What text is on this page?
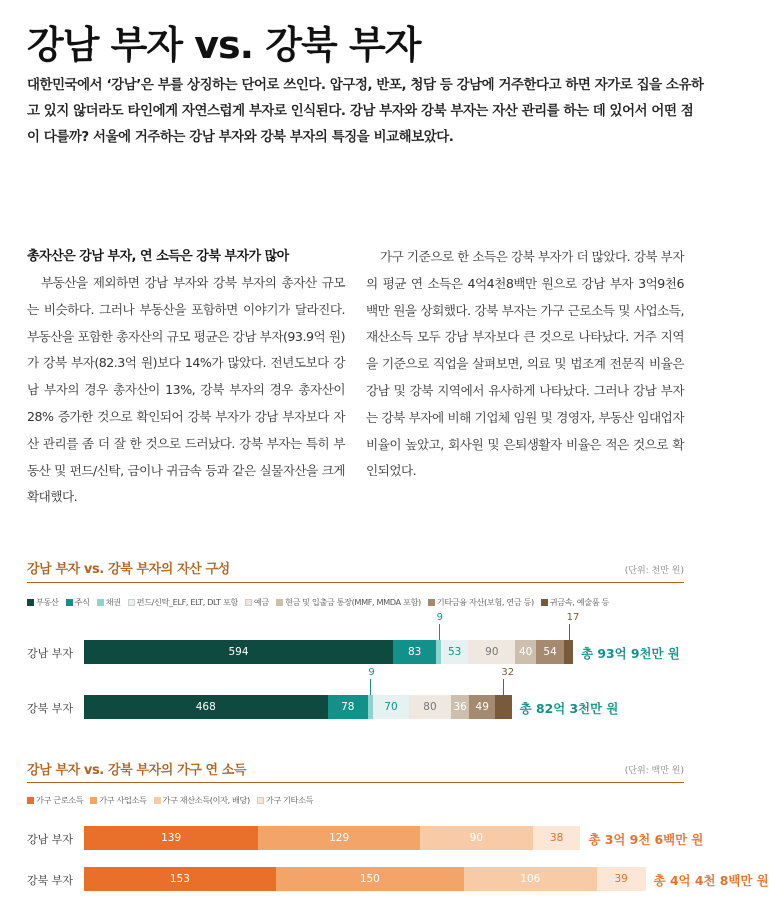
강남 부자 vs. 강북 부자
대한민국에서 ‘강남’은 부를 상징하는 단어로 쓰인다. 압구정, 반포, 청담 등 강남에 거주한다고 하면 자가로 집을 소유하고 있지 않더라도 타인에게 자연스럽게 부자로 인식된다. 강남 부자와 강북 부자는 자산 관리를 하는 데 있어서 어떤 점이 다를까? 서울에 거주하는 강남 부자와 강북 부자의 특징을 비교해보았다.
총자산은 강남 부자, 연 소득은 강북 부자가 많아

부동산을 제외하면 강남 부자와 강북 부자의 총자산 규모는 비슷하다. 그러나 부동산을 포함하면 이야기가 달라진다. 부동산을 포함한 총자산의 규모 평균은 강남 부자(93.9억 원)가 강북 부자(82.3억 원)보다 14%가 많았다. 전년도보다 강남 부자의 경우 총자산이 13%, 강북 부자의 경우 총자산이 28% 증가한 것으로 확인되어 강북 부자가 강남 부자보다 자산 관리를 좀 더 잘 한 것으로 드러났다. 강북 부자는 특히 부동산 및 펀드/신탁, 금이나 귀금속 등과 같은 실물자산을 크게 확대했다.

가구 기준으로 한 소득은 강북 부자가 더 많았다. 강북 부자의 평균 연 소득은 4억4천8백만 원으로 강남 부자 3억9천6백만 원을 상회했다. 강북 부자는 가구 근로소득 및 사업소득, 재산소득 모두 강남 부자보다 큰 것으로 나타났다. 거주 지역을 기준으로 직업을 살펴보면, 의료 및 법조계 전문직 비율은 강남 및 강북 지역에서 유사하게 나타났다. 그러나 강남 부자는 강북 부자에 비해 기업체 임원 및 경영자, 부동산 임대업자 비율이 높았고, 회사원 및 은퇴생활자 비율은 적은 것으로 확인되었다.

강남 부자 vs. 강북 부자의 자산 구성	(단위: 천만 원)
부동산 주식 채권 펀드/신탁_ELF, ELT, DLT 포함 예금 현금 및 입출금 통장(MMF, MMDA 포함) 기타금융 자산(보험, 연금 등) 귀금속, 예술품 등
강남 부자
9	17
594	83	53	90	40	54	총 93억 9천만 원
강북 부자
9	32
468	78	70	80	36 49	총 82억 3천만 원
강남 부자 vs. 강북 부자의 가구 연 소득	(단위: 백만 원)
가구 근로소득 가구 사업소득 가구 재산소득(이자, 배당) 가구 기타소득
강남 부자	139	129	90	38	총 3억 9천 6백만 원
강북 부자	153	150	106	39	총 4억 4천 8백만 원
